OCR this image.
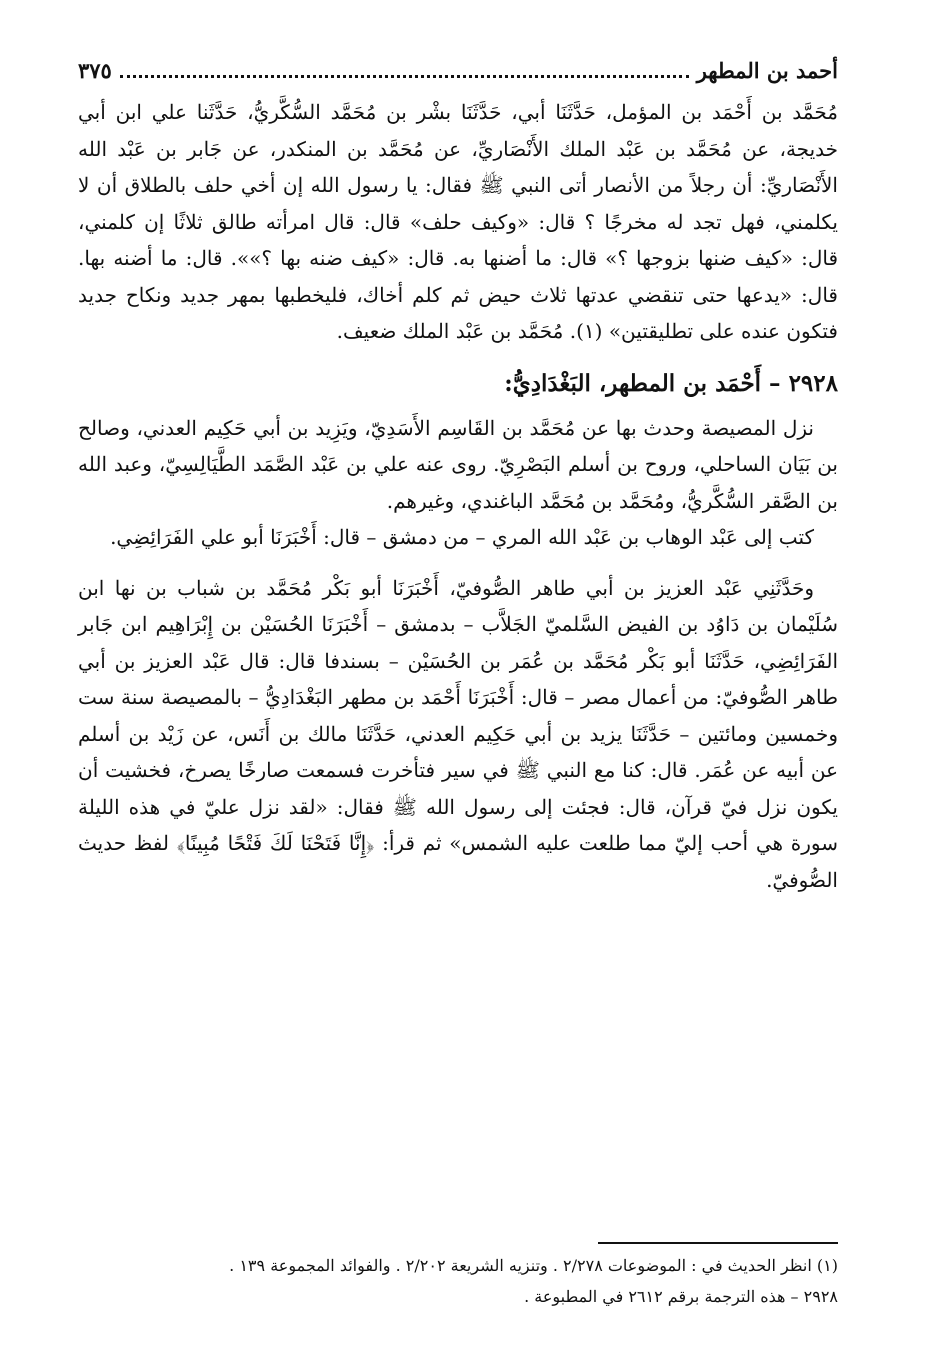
أحمد بن المطهر
٣٧٥

مُحَمَّد بن أَحْمَد بن المؤمل، حَدَّثَنَا أبي، حَدَّثَنَا بشْر بن مُحَمَّد السُّكَّريُّ، حَدَّثَنا علي ابن أبي خديجة، عن مُحَمَّد بن عَبْد الملك الأَنْصَاريِّ، عن مُحَمَّد بن المنكدر، عن جَابر بن عَبْد الله الأَنْصَاريِّ: أن رجلاً من الأنصار أتى النبي ﷺ فقال: يا رسول الله إن أخي حلف بالطلاق أن لا يكلمني، فهل تجد له مخرجًا ؟ قال: «وكيف حلف» قال: قال امرأته طالق ثلاثًا إن كلمني، قال: «كيف ضنها بزوجها ؟» قال: ما أضنها به. قال: «كيف ضنه بها ؟»». قال: ما أضنه بها. قال: «يدعها حتى تنقضي عدتها ثلاث حيض ثم كلم أخاك، فليخطبها بمهر جديد ونكاح جديد فتكون عنده على تطليقتين» (١). مُحَمَّد بن عَبْد الملك ضعيف.

٢٩٢٨ – أَحْمَد بن المطهر، البَغْدَادِيُّ:

نزل المصيصة وحدث بها عن مُحَمَّد بن القَاسِم الأَسَدِيّ، ويَزِيد بن أبي حَكِيم العدني، وصالح بن بَيَان الساحلي، وروح بن أسلم البَصْرِيّ. روى عنه علي بن عَبْد الصَّمَد الطَّيَالِسِيّ، وعبد الله بن الصَّقر السُّكَّريُّ، ومُحَمَّد بن مُحَمَّد الباغندي، وغيرهم.

كتب إلى عَبْد الوهاب بن عَبْد الله المري – من دمشق – قال: أَخْبَرَنَا أبو علي الفَرَائِضِي.

وحَدَّثَنِي عَبْد العزيز بن أبي طاهر الصُّوفيّ، أَخْبَرَنَا أبو بَكْر مُحَمَّد بن شباب بن نها ابن سُلَيْمان بن دَاوُد بن الفيض السَّلميّ الجَلاَّب – بدمشق – أَخْبَرَنَا الحُسَيْن بن إِبْرَاهِيم ابن جَابر الفَرَائِضِي، حَدَّثَنَا أبو بَكْر مُحَمَّد بن عُمَر بن الحُسَيْن – بسندفا قال: قال عَبْد العزيز بن أبي طاهر الصُّوفيّ: من أعمال مصر – قال: أَخْبَرَنَا أَحْمَد بن مطهر البَغْدَادِيُّ – بالمصيصة سنة ست وخمسين ومائتين – حَدَّثَنَا يزيد بن أبي حَكِيم العدني، حَدَّثَنَا مالك بن أَنَس، عن زَيْد بن أسلم عن أبيه عن عُمَر. قال: كنا مع النبي ﷺ في سير فتأخرت فسمعت صارخًا يصرخ، فخشيت أن يكون نزل فيّ قرآن، قال: فجئت إلى رسول الله ﷺ فقال: «لقد نزل عليّ في هذه الليلة سورة هي أحب إليّ مما طلعت عليه الشمس» ثم قرأ: ﴿إِنَّا فَتَحْنَا لَكَ فَتْحًا مُبِينًا﴾ لفظ حديث الصُّوفيّ.

(١) انظر الحديث في : الموضوعات ٢/٢٧٨ . وتنزيه الشريعة ٢/٢٠٢ . والفوائد المجموعة ١٣٩ .

٢٩٢٨ – هذه الترجمة برقم ٢٦١٢ في المطبوعة .
